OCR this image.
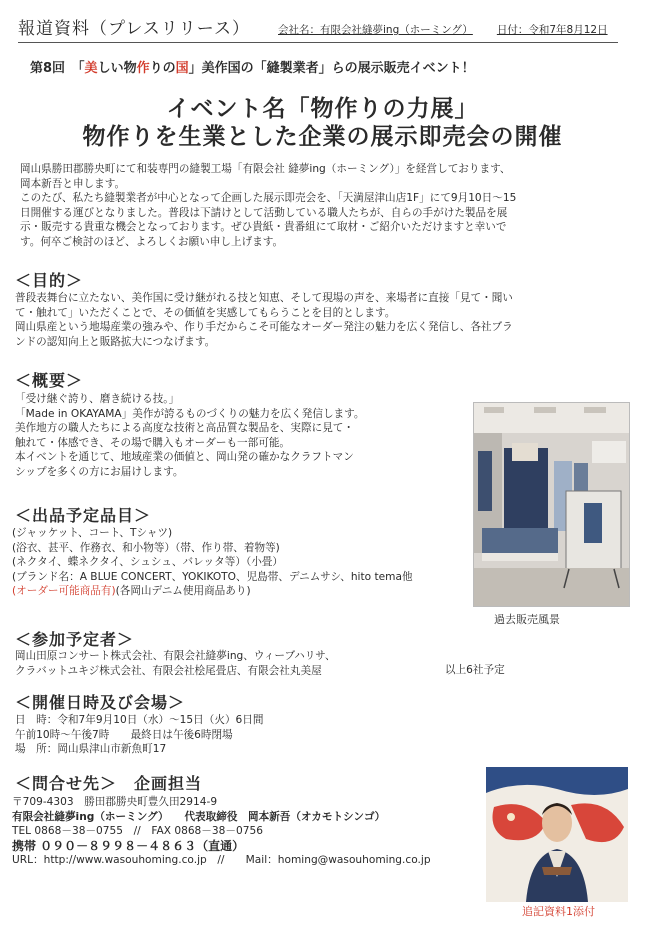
報道資料（プレスリリース）	会社名：有限会社縫夢ing（ホーミング） 日付：令和7年8月12日
第8回　「美しい物作りの国」美作国の「縫製業者」らの展示販売イベント！
イベント名「物作りの力展」
物作りを生業とした企業の展示即売会の開催
岡山県勝田郡勝央町にて和装専門の縫製工場「有限会社 縫夢ing（ホーミング）」を経営しております、
岡本新吾と申します。
このたび、私たち縫製業者が中心となって企画した展示即売会を、「天満屋津山店1F」にて9月10日～15
日開催する運びとなりました。普段は下請けとして活動している職人たちが、自らの手がけた製品を展
示・販売する貴重な機会となっております。ぜひ貴紙・貴番組にて取材・ご紹介いただけますと幸いで
す。何卒ご検討のほど、よろしくお願い申し上げます。
＜目的＞
普段表舞台に立たない、美作国に受け継がれる技と知恵、そして現場の声を、来場者に直接「見て・聞い
て・触れて」いただくことで、その価値を実感してもらうことを目的とします。
岡山県産という地場産業の強みや、作り手だからこそ可能なオーダー発注の魅力を広く発信し、各社ブラ
ンドの認知向上と販路拡大につなげます。
＜概要＞
「受け継ぐ誇り、磨き続ける技。」
「Made in OKAYAMA」美作が誇るものづくりの魅力を広く発信します。
美作地方の職人たちによる高度な技術と高品質な製品を、実際に見て・
触れて・体感でき、その場で購入もオーダーも一部可能。
本イベントを通じて、地域産業の価値と、岡山発の確かなクラフトマン
シップを多くの方にお届けします。
過去販売風景
＜出品予定品目＞
(ジャッケット、コート、Tシャツ)
(浴衣、甚平、作務衣、和小物等）（帯、作り帯、着物等)
(ネクタイ、蝶ネクタイ、シュシュ、バレッタ等）（小畳）
(ブランド名：A BLUE CONCERT、YOKIKOTO、児島帯、デニムサシ、hito tema他
(オーダー可能商品有)(各岡山デニム使用商品あり)
＜参加予定者＞
岡山田原コンサート株式会社、有限会社縫夢ing、ウィーブハリサ、
クラバットユキジ株式会社、有限会社桧尾畳店、有限会社丸美屋	以上6社予定
＜開催日時及び会場＞
日　時：令和7年9月10日（水）～15日（火）6日間
午前10時～午後7時　　最終日は午後6時閉場
場　所：岡山県津山市新魚町17
＜問合せ先＞　企画担当
〒709-4303　勝田郡勝央町豊久田2914-9
有限会社縫夢ing（ホーミング）　　代表取締役　岡本新吾（オカモトシンゴ）
TEL 0868－38－0755　//　FAX 0868－38－0756
携帯 ０９０－８９９８－４８６３（直通）
URL：http://www.wasouhoming.co.jp　//　　Mail：homing@wasouhoming.co.jp
追記資料1添付
